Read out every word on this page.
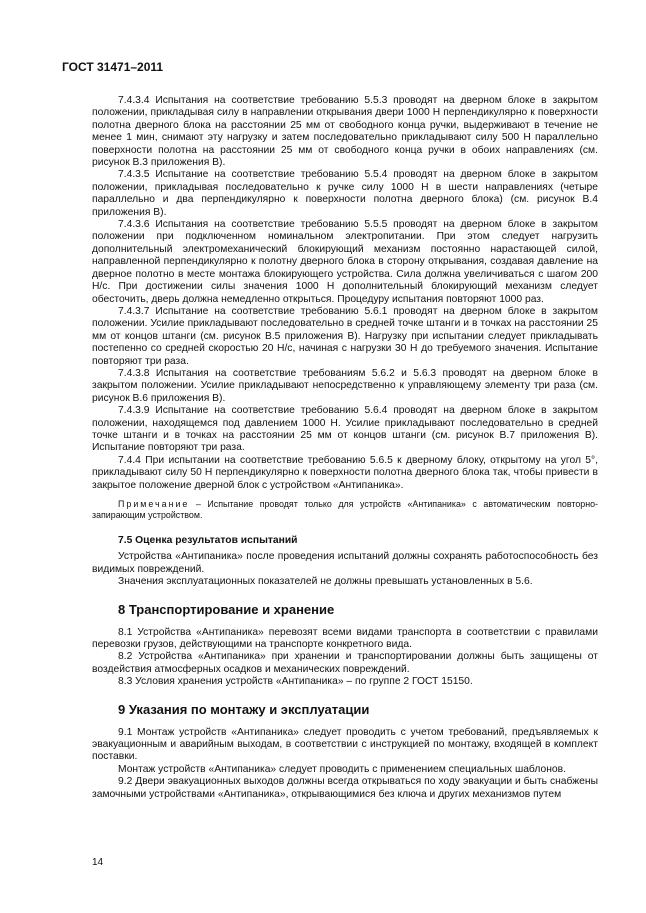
ГОСТ 31471–2011

7.4.3.4 Испытания на соответствие требованию 5.5.3 проводят на дверном блоке в закрытом положении, прикладывая силу в направлении открывания двери 1000 Н перпендикулярно к поверхности полотна дверного блока на расстоянии 25 мм от свободного конца ручки, выдерживают в течение не менее 1 мин, снимают эту нагрузку и затем последовательно прикладывают силу 500 Н параллельно поверхности полотна на расстоянии 25 мм от свободного конца ручки в обоих направлениях (см. рисунок В.3 приложения В).

7.4.3.5 Испытание на соответствие требованию 5.5.4 проводят на дверном блоке в закрытом положении, прикладывая последовательно к ручке силу 1000 Н в шести направлениях (четыре параллельно и два перпендикулярно к поверхности полотна дверного блока) (см. рисунок В.4 приложения В).

7.4.3.6 Испытания на соответствие требованию 5.5.5 проводят на дверном блоке в закрытом положении при подключенном номинальном электропитании. При этом следует нагрузить дополнительный электромеханический блокирующий механизм постоянно нарастающей силой, направленной перпендикулярно к полотну дверного блока в сторону открывания, создавая давление на дверное полотно в месте монтажа блокирующего устройства. Сила должна увеличиваться с шагом 200 Н/с. При достижении силы значения 1000 Н дополнительный блокирующий механизм следует обесточить, дверь должна немедленно открыться. Процедуру испытания повторяют 1000 раз.

7.4.3.7 Испытание на соответствие требованию 5.6.1 проводят на дверном блоке в закрытом положении. Усилие прикладывают последовательно в средней точке штанги и в точках на расстоянии 25 мм от концов штанги (см. рисунок В.5 приложения В). Нагрузку при испытании следует прикладывать постепенно со средней скоростью 20 Н/с, начиная с нагрузки 30 Н до требуемого значения. Испытание повторяют три раза.

7.4.3.8 Испытания на соответствие требованиям 5.6.2 и 5.6.3 проводят на дверном блоке в закрытом положении. Усилие прикладывают непосредственно к управляющему элементу три раза (см. рисунок В.6 приложения В).

7.4.3.9 Испытание на соответствие требованию 5.6.4 проводят на дверном блоке в закрытом положении, находящемся под давлением 1000 Н. Усилие прикладывают последовательно в средней точке штанги и в точках на расстоянии 25 мм от концов штанги (см. рисунок В.7 приложения В). Испытание повторяют три раза.

7.4.4 При испытании на соответствие требованию 5.6.5 к дверному блоку, открытому на угол 5°, прикладывают силу 50 Н перпендикулярно к поверхности полотна дверного блока так, чтобы привести в закрытое положение дверной блок с устройством «Антипаника».

Примечание – Испытание проводят только для устройств «Антипаника» с автоматическим повторно-запирающим устройством.

7.5 Оценка результатов испытаний

Устройства «Антипаника» после проведения испытаний должны сохранять работоспособность без видимых повреждений.

Значения эксплуатационных показателей не должны превышать установленных в 5.6.

8 Транспортирование и хранение

8.1 Устройства «Антипаника» перевозят всеми видами транспорта в соответствии с правилами перевозки грузов, действующими на транспорте конкретного вида.

8.2 Устройства «Антипаника» при хранении и транспортировании должны быть защищены от воздействия атмосферных осадков и механических повреждений.

8.3 Условия хранения устройств «Антипаника» – по группе 2 ГОСТ 15150.

9 Указания по монтажу и эксплуатации

9.1 Монтаж устройств «Антипаника» следует проводить с учетом требований, предъявляемых к эвакуационным и аварийным выходам, в соответствии с инструкцией по монтажу, входящей в комплект поставки.

Монтаж устройств «Антипаника» следует проводить с применением специальных шаблонов.

9.2 Двери эвакуационных выходов должны всегда открываться по ходу эвакуации и быть снабжены замочными устройствами «Антипаника», открывающимися без ключа и других механизмов путем

14
